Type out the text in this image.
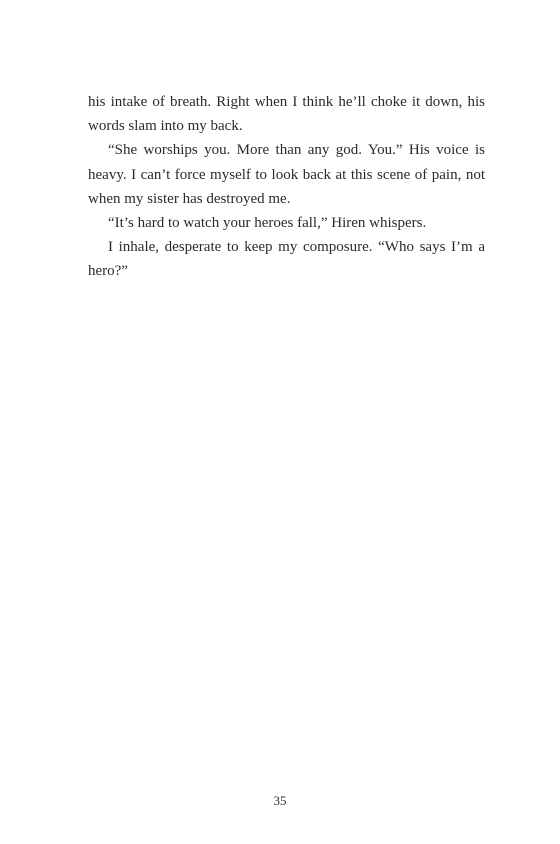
his intake of breath. Right when I think he’ll choke it down, his words slam into my back.

“She worships you. More than any god. You.” His voice is heavy. I can’t force myself to look back at this scene of pain, not when my sister has destroyed me.

“It’s hard to watch your heroes fall,” Hiren whispers.

I inhale, desperate to keep my composure. “Who says I’m a hero?”

35
